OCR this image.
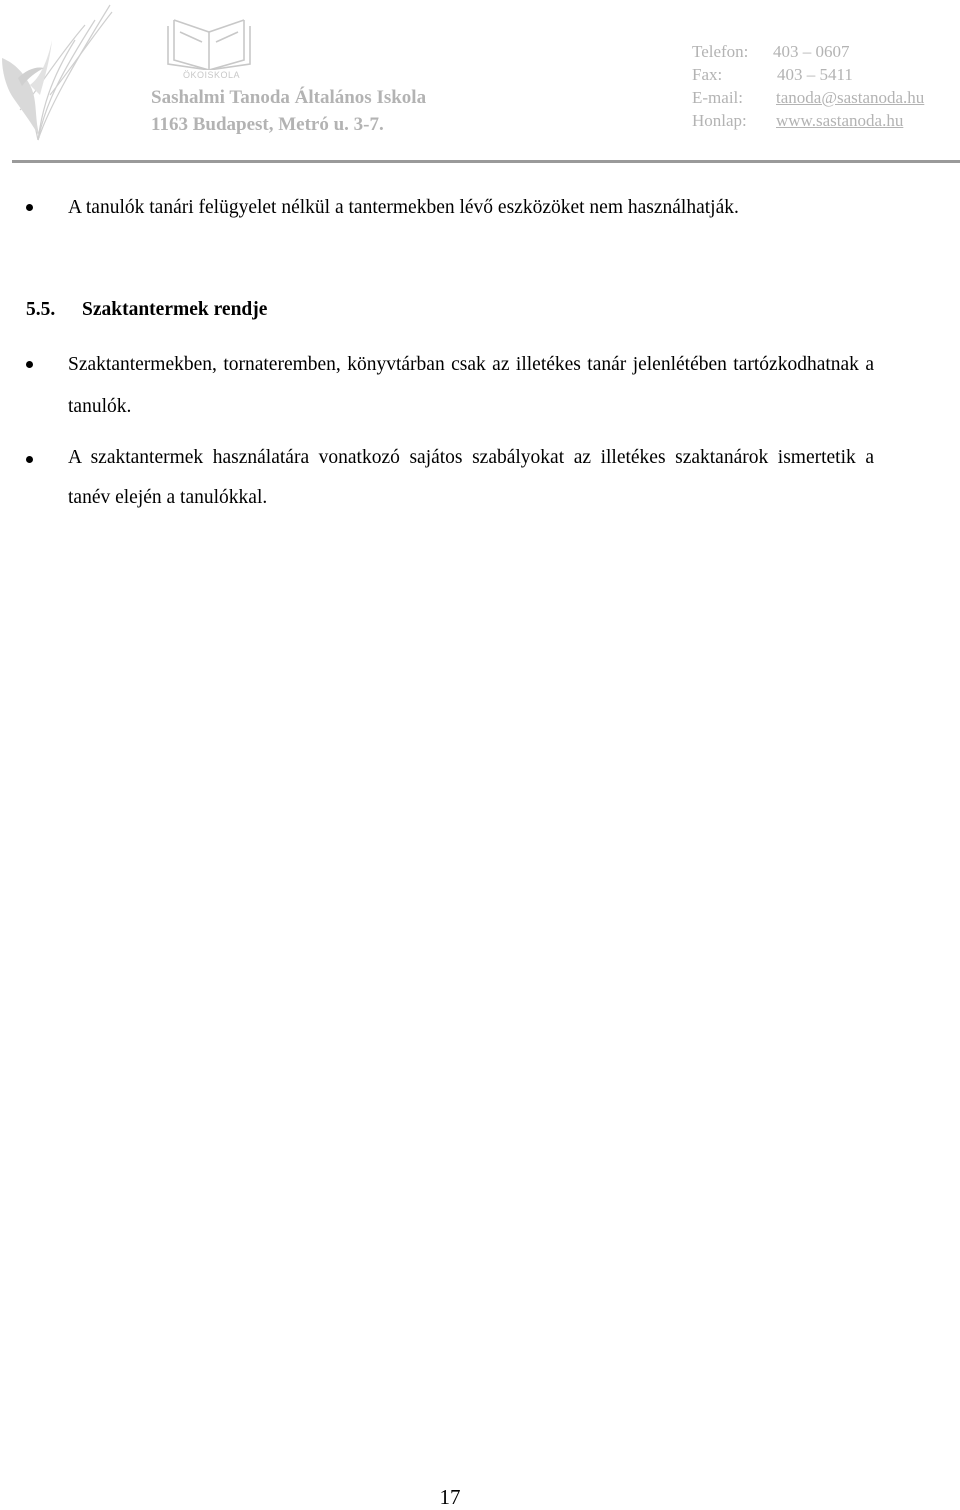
ÖKOISKOLA
Sashalmi Tanoda Általános Iskola
1163 Budapest, Metró u. 3-7.
Telefon: 403 – 0607
Fax:	403 – 5411
E-mail: tanoda@sastanoda.hu
Honlap: www.sastanoda.hu
A tanulók tanári felügyelet nélkül a tantermekben lévő eszközöket nem használhatják.
5.5. Szaktantermek rendje
Szaktantermekben, tornateremben, könyvtárban csak az illetékes tanár jelenlétében tartózkodhatnak a tanulók.
A szaktantermek használatára vonatkozó sajátos szabályokat az illetékes szaktanárok ismertetik a tanév elején a tanulókkal.
17
